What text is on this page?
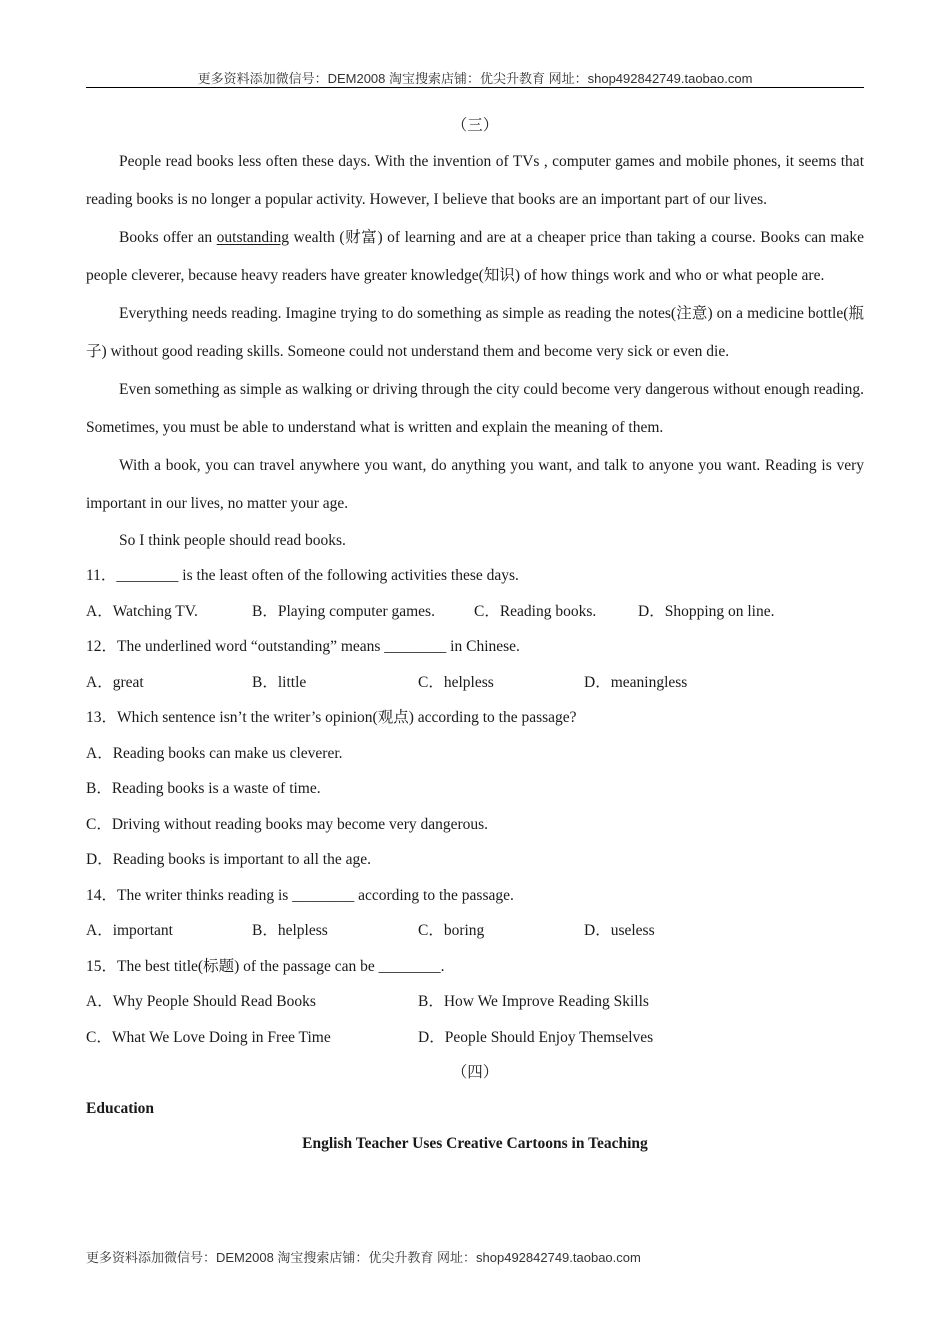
更多资料添加微信号：DEM2008 淘宝搜索店铺：优尖升教育 网址：shop492842749.taobao.com

（三）

People read books less often these days. With the invention of TVs , computer games and mobile phones, it seems that reading books is no longer a popular activity. However, I believe that books are an important part of our lives.

Books offer an outstanding wealth (财富) of learning and are at a cheaper price than taking a course. Books can make people cleverer, because heavy readers have greater knowledge(知识) of how things work and who or what people are.

Everything needs reading. Imagine trying to do something as simple as reading the notes(注意) on a medicine bottle(瓶子) without good reading skills. Someone could not understand them and become very sick or even die.

Even something as simple as walking or driving through the city could become very dangerous without enough reading. Sometimes, you must be able to understand what is written and explain the meaning of them.

With a book, you can travel anywhere you want, do anything you want, and talk to anyone you want. Reading is very important in our lives, no matter your age.

So I think people should read books.

11．________ is the least often of the following activities these days.

A．Watching TV.	B．Playing computer games.	C．Reading books.	D．Shopping on line.

12．The underlined word “outstanding” means ________ in Chinese.

A．great	B．little	C．helpless	D．meaningless

13．Which sentence isn’t the writer’s opinion(观点) according to the passage?

A．Reading books can make us cleverer.

B．Reading books is a waste of time.

C．Driving without reading books may become very dangerous.

D．Reading books is important to all the age.

14．The writer thinks reading is ________ according to the passage.

A．important	B．helpless	C．boring	D．useless

15．The best title(标题) of the passage can be ________.

A．Why People Should Read Books	B．How We Improve Reading Skills
C．What We Love Doing in Free Time	D．People Should Enjoy Themselves

（四）

Education

English Teacher Uses Creative Cartoons in Teaching

更多资料添加微信号：DEM2008 淘宝搜索店铺：优尖升教育 网址：shop492842749.taobao.com
